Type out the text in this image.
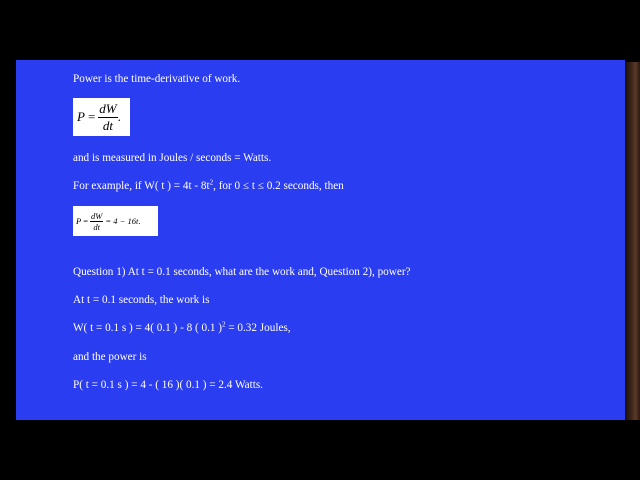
Power is the time-derivative of work.
$P = \frac{dW}{dt}$ .
and is measured in Joules / seconds = Watts.
For example, if W( t ) = $4t - 8t^2$, for 0 ≤ t ≤ 0.2 seconds, then
$P = \frac{dW}{dt} = 4 - 16t$ .
Question 1) At t = 0.1 seconds, what are the work and, Question 2), power?
At t = 0.1 seconds, the work is
W( t = 0.1 s ) = 4( 0.1 ) - 8 ( 0.1 )$^2$ = 0.32 Joules,
and the power is
P( t = 0.1 s ) = 4 - ( 16 )( 0.1 ) = 2.4 Watts.
